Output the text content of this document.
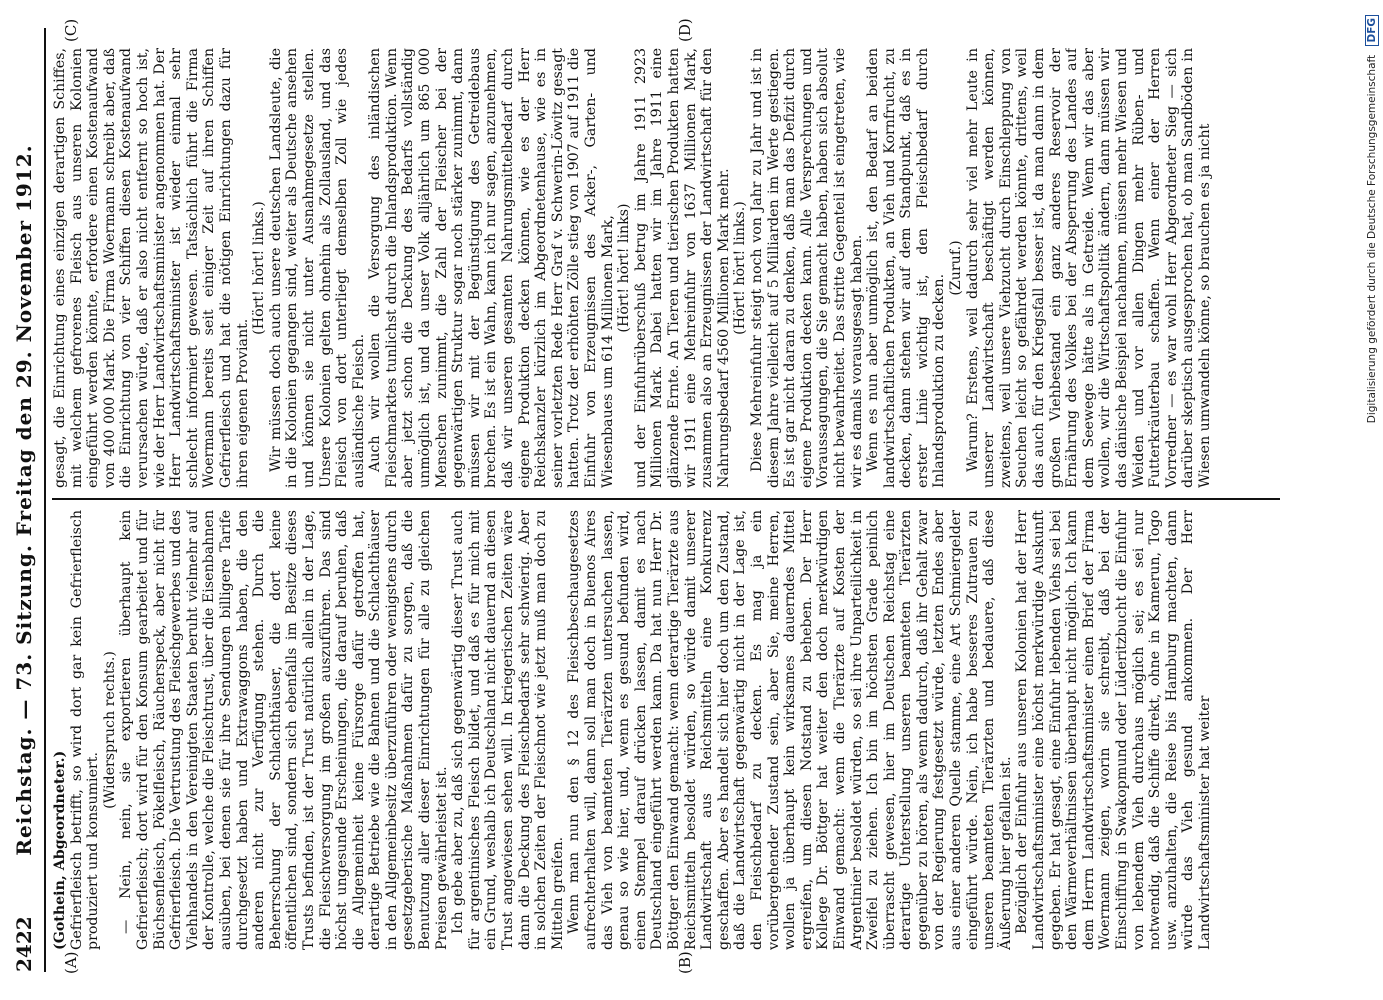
2422
Reichstag. — 73. Sitzung. Freitag den 29. November 1912.
(A)	(B)
(C)	(D)

(Gothein, Abgeordneter.) Gefrierfleisch betrifft, so wird dort gar kein Gefrierfleisch produziert und konsumiert.

(Widerspruch rechts.) — Nein, nein, sie exportieren überhaupt kein Gefrierfleisch; dort wird für den Konsum gearbeitet und für Büchsenfleisch, Pökelfleisch, Räucherspeck, aber nicht für Gefrierfleisch. Die Vertrustung des Fleischgewerbes und des Viehhandels in den Vereinigten Staaten beruht vielmehr auf der Kontrolle, welche die Fleischtrust, über die Eisenbahnen ausüben, bei denen sie für ihre Sendungen billigere Tarife durchgesetzt haben und Extrawaggons haben, die den anderen nicht zur Verfügung stehen. Durch die Beherrschung der Schlachthäuser, die dort keine öffentlichen sind, sondern sich ebenfalls im Besitze dieses Trusts befinden, ist der Trust natürlich allein in der Lage, die Fleischversorgung im großen auszuführen. Das sind höchst ungesunde Erscheinungen, die darauf beruhen, daß die Allgemeinheit keine Fürsorge dafür getroffen hat, derartige Betriebe wie die Bahnen und die Schlachthäuser in den Allgemeinbesitz überzuführen oder wenigstens durch gesetzgeberische Maßnahmen dafür zu sorgen, daß die Benutzung aller dieser Einrichtungen für alle zu gleichen Preisen gewährleistet ist. Ich gebe aber zu, daß sich gegenwärtig dieser Trust auch für argentinisches Fleisch bildet, und daß es für mich mit ein Grund, weshalb ich Deutschland nicht dauernd an diesen Trust angewiesen sehen will. In kriegerischen Zeiten wäre dann die Deckung des Fleischbedarfs sehr schwierig. Aber in solchen Zeiten der Fleischnot wie jetzt muß man doch zu Mitteln greifen. Wenn man nun den § 12 des Fleischbeschaugesetzes aufrechterhalten will, dann soll man doch in Buenos Aires das Vieh von beamteten Tierärzten untersuchen lassen, genau so wie hier, und, wenn es gesund befunden wird, einen Stempel darauf drücken lassen, damit es nach Deutschland eingeführt werden kann. Da hat nun Herr Dr. Böttger den Einwand gemacht: wenn derartige Tierärzte aus Reichsmitteln besoldet würden, so würde damit unserer Landwirtschaft aus Reichsmitteln eine Konkurrenz geschaffen. Aber es handelt sich hier doch um den Zustand, daß die Landwirtschaft gegenwärtig nicht in der Lage ist, den Fleischbedarf zu decken. Es mag ja ein vorübergehender Zustand sein, aber Sie, meine Herren, wollen ja überhaupt kein wirksames dauerndes Mittel ergreifen, um diesen Notstand zu beheben. Der Herr Kollege Dr. Böttger hat weiter den doch merkwürdigen Einwand gemacht: wenn die Tierärzte auf Kosten der Argentinier besoldet würden, so sei ihre Unparteilichkeit in Zweifel zu ziehen. Ich bin im höchsten Grade peinlich überrascht gewesen, hier im Deutschen Reichstag eine derartige Unterstellung unseren beamteten Tierärzten gegenüber zu hören, als wenn dadurch, daß ihr Gehalt zwar von der Regierung festgesetzt würde, letzten Endes aber aus einer anderen Quelle stamme, eine Art Schmiergelder eingeführt würde. Nein, ich habe besseres Zutrauen zu unseren beamteten Tierärzten und bedauere, daß diese Äußerung hier gefallen ist. Bezüglich der Einfuhr aus unseren Kolonien hat der Herr Landwirtschaftsminister eine höchst merkwürdige Auskunft gegeben. Er hat gesagt, eine Einfuhr lebenden Viehs sei bei den Wärmeverhältnissen überhaupt nicht möglich. Ich kann dem Herrn Landwirtschaftsminister einen Brief der Firma Woermann zeigen, worin sie schreibt, daß bei der Einschiffung in Swakopmund oder Lüderitzbucht die Einfuhr von lebendem Vieh durchaus möglich sei; es sei nur notwendig, daß die Schiffe direkt, ohne in Kamerun, Togo usw. anzuhalten, die Reise bis Hamburg machten, dann würde das Vieh gesund ankommen. Der Herr Landwirtschaftsminister hat weiter

gesagt, die Einrichtung eines einzigen derartigen Schiffes, mit welchem gefrorenes Fleisch aus unseren Kolonien eingeführt werden könnte, erfordere einen Kostenaufwand von 400 000 Mark. Die Firma Woermann schreibt aber, daß die Einrichtung von vier Schiffen diesen Kostenaufwand verursachen würde, daß er also nicht entfernt so hoch ist, wie der Herr Landwirtschaftsminister angenommen hat. Der Herr Landwirtschaftsminister ist wieder einmal sehr schlecht informiert gewesen. Tatsächlich führt die Firma Woermann bereits seit einiger Zeit auf ihren Schiffen Gefrierfleisch und hat die nötigen Einrichtungen dazu für ihren eigenen Proviant.

(Hört! hört! links.) Wir müssen doch auch unsere deutschen Landsleute, die in die Kolonien gegangen sind, weiter als Deutsche ansehen und können sie nicht unter Ausnahmegesetze stellen. Unsere Kolonien gelten ohnehin als Zollausland, und das Fleisch von dort unterliegt demselben Zoll wie jedes ausländische Fleisch. Auch wir wollen die Versorgung des inländischen Fleischmarktes tunlichst durch die Inlandsproduktion. Wenn aber jetzt schon die Deckung des Bedarfs vollständig unmöglich ist, und da unser Volk alljährlich um 865 000 Menschen zunimmt, die Zahl der Fleischer bei der gegenwärtigen Struktur sogar noch stärker zunimmt, dann müssen wir mit der Begünstigung des Getreidebaus brechen. Es ist ein Wahn, kann ich nur sagen, anzunehmen, daß wir unseren gesamten Nahrungsmittelbedarf durch eigene Produktion decken können, wie es der Herr Reichskanzler kürzlich im Abgeordnetenhause, wie es in seiner vorletzten Rede Herr Graf v. Schwerin-Löwitz gesagt hatten. Trotz der erhöhten Zölle stieg von 1907 auf 1911 die Einfuhr von Erzeugnissen des Acker-, Garten- und Wiesenbaues um 614 Millionen Mark, (Hört! hört! links) und der Einfuhrüberschuß betrug im Jahre 1911 2923 Millionen Mark. Dabei hatten wir im Jahre 1911 eine glänzende Ernte. An Tieren und tierischen Produkten hatten wir 1911 eine Mehreinfuhr von 1637 Millionen Mark, zusammen also an Erzeugnissen der Landwirtschaft für den Nahrungsbedarf 4560 Millionen Mark mehr. (Hört! hört! links.) Diese Mehreinfuhr steigt noch von Jahr zu Jahr und ist in diesem Jahre vielleicht auf 5 Milliarden im Werte gestiegen. Es ist gar nicht daran zu denken, daß man das Defizit durch eigene Produktion decken kann. Alle Versprechungen und Voraussagungen, die Sie gemacht haben, haben sich absolut nicht bewahrheitet. Das stritte Gegenteil ist eingetreten, wie wir es damals vorausgesagt haben. Wenn es nun aber unmöglich ist, den Bedarf an beiden landwirtschaftlichen Produkten, an Vieh und Kornfrucht, zu decken, dann stehen wir auf dem Standpunkt, daß es in erster Linie wichtig ist, den Fleischbedarf durch Inlandsproduktion zu decken.

(Zuruf.) Warum? Erstens, weil dadurch sehr viel mehr Leute in unserer Landwirtschaft beschäftigt werden können, zweitens, weil unsere Viehzucht durch Einschleppung von Seuchen leicht so gefährdet werden könnte, drittens, weil das auch für den Kriegsfall besser ist, da man dann in dem großen Viehbestand ein ganz anderes Reservoir der Ernährung des Volkes bei der Absperrung des Landes auf dem Seewege hätte als in Getreide. Wenn wir das aber wollen, wir die Wirtschaftspolitik ändern, dann müssen wir das dänische Beispiel nachahmen, müssen mehr Wiesen und Weiden und vor allen Dingen mehr Rüben- und Futterkräuterbau schaffen. Wenn einer der Herren Vorredner — es war wohl Herr Abgeordneter Sieg — sich darüber skeptisch ausgesprochen hat, ob man Sandböden in Wiesen umwandeln könne, so brauchen es ja nicht	Digitalisierung gefördert durch die Deutsche Forschungsgemeinschaft DFG
